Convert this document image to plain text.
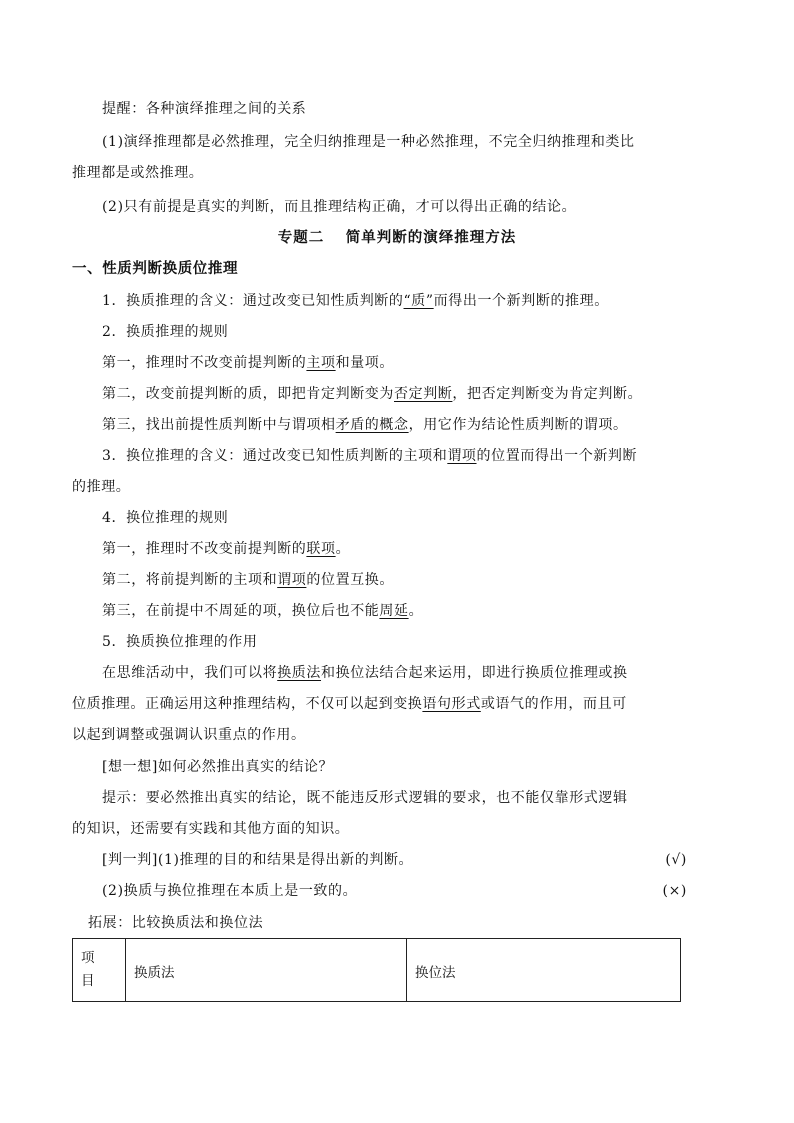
提醒：各种演绎推理之间的关系
(1)演绎推理都是必然推理，完全归纳推理是一种必然推理，不完全归纳推理和类比
推理都是或然推理。
(2)只有前提是真实的判断，而且推理结构正确，才可以得出正确的结论。
专题二　 简单判断的演绎推理方法
一、性质判断换质位推理
1．换质推理的含义：通过改变已知性质判断的“质”而得出一个新判断的推理。
2．换质推理的规则
第一，推理时不改变前提判断的主项和量项。
第二，改变前提判断的质，即把肯定判断变为否定判断，把否定判断变为肯定判断。
第三，找出前提性质判断中与谓项相矛盾的概念，用它作为结论性质判断的谓项。
3．换位推理的含义：通过改变已知性质判断的主项和谓项的位置而得出一个新判断
的推理。
4．换位推理的规则
第一，推理时不改变前提判断的联项。
第二，将前提判断的主项和谓项的位置互换。
第三，在前提中不周延的项，换位后也不能周延。
5．换质换位推理的作用
在思维活动中，我们可以将换质法和换位法结合起来运用，即进行换质位推理或换
位质推理。正确运用这种推理结构，不仅可以起到变换语句形式或语气的作用，而且可
以起到调整或强调认识重点的作用。
[想一想]如何必然推出真实的结论？
提示：要必然推出真实的结论，既不能违反形式逻辑的要求，也不能仅靠形式逻辑
的知识，还需要有实践和其他方面的知识。
[判一判](1)推理的目的和结果是得出新的判断。	(√)
(2)换质与换位推理在本质上是一致的。	(×)
拓展：比较换质法和换位法
项
目	换质法	换位法
